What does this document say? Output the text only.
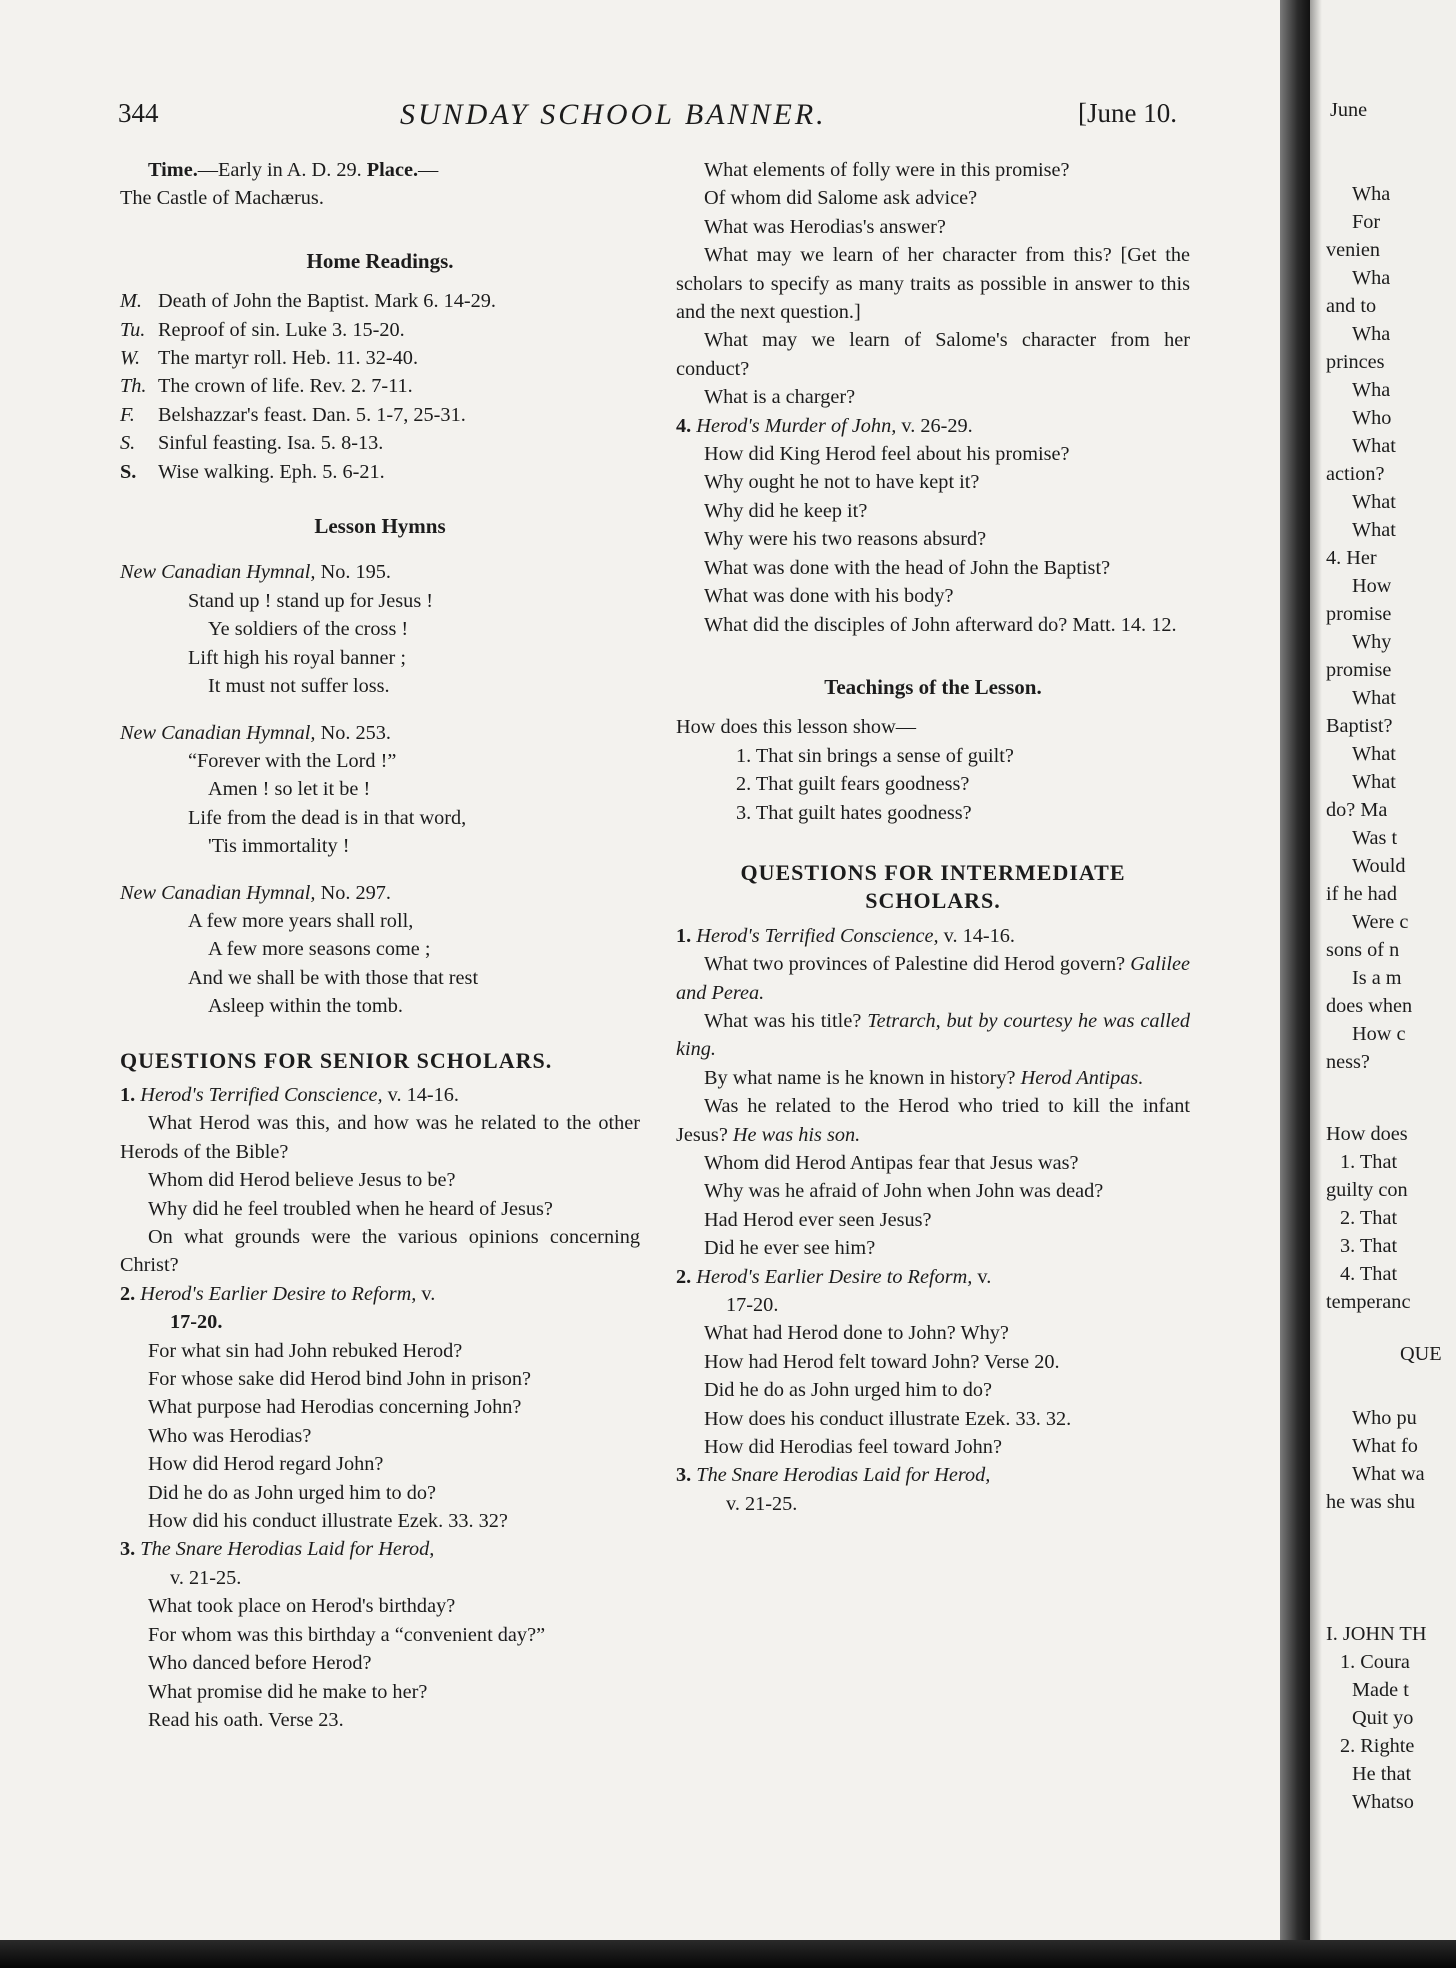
344	SUNDAY SCHOOL BANNER.	[June 10.

Time.—Early in A. D. 29. Place.—

The Castle of Machærus.

Home Readings.
M. Death of John the Baptist. Mark 6. 14-29.
Tu. Reproof of sin. Luke 3. 15-20.
W. The martyr roll. Heb. 11. 32-40.
Th. The crown of life. Rev. 2. 7-11.
F.	Belshazzar's feast. Dan. 5. 1-7, 25-31.
S.	Sinful feasting. Isa. 5. 8-13.
S.	Wise walking. Eph. 5. 6-21.
Lesson Hymns
New Canadian Hymnal, No. 195.
Stand up ! stand up for Jesus !
Ye soldiers of the cross !
Lift high his royal banner ;
It must not suffer loss.
New Canadian Hymnal, No. 253.
“Forever with the Lord !”
Amen ! so let it be !
Life from the dead is in that word,
'Tis immortality !
New Canadian Hymnal, No. 297.
A few more years shall roll,
A few more seasons come ;
And we shall be with those that rest
Asleep within the tomb.
QUESTIONS FOR SENIOR SCHOLARS.

1. Herod's Terrified Conscience, v. 14-16.

What Herod was this, and how was he related to the other Herods of the Bible?

Whom did Herod believe Jesus to be?

Why did he feel troubled when he heard of Jesus?

On what grounds were the various opinions concerning Christ?

2. Herod's Earlier Desire to Reform, v.

17-20.

For what sin had John rebuked Herod?

For whose sake did Herod bind John in prison?

What purpose had Herodias concerning John?

Who was Herodias?

How did Herod regard John?

Did he do as John urged him to do?

How did his conduct illustrate Ezek. 33. 32?

3. The Snare Herodias Laid for Herod,

v. 21-25.

What took place on Herod's birthday?

For whom was this birthday a “convenient day?”

Who danced before Herod?

What promise did he make to her?

Read his oath. Verse 23.

What elements of folly were in this promise?

Of whom did Salome ask advice?

What was Herodias's answer?

What may we learn of her character from this? [Get the scholars to specify as many traits as possible in answer to this and the next question.]

What may we learn of Salome's character from her conduct?

What is a charger?

4. Herod's Murder of John, v. 26-29.

How did King Herod feel about his promise?

Why ought he not to have kept it?

Why did he keep it?

Why were his two reasons absurd?

What was done with the head of John the Baptist?

What was done with his body?

What did the disciples of John afterward do? Matt. 14. 12.

Teachings of the Lesson.

How does this lesson show—

1. That sin brings a sense of guilt?
2. That guilt fears goodness?
3. That guilt hates goodness?
QUESTIONS FOR INTERMEDIATE
SCHOLARS.

1. Herod's Terrified Conscience, v. 14-16.

What two provinces of Palestine did Herod govern? Galilee and Perea.

What was his title? Tetrarch, but by courtesy he was called king.

By what name is he known in history? Herod Antipas.

Was he related to the Herod who tried to kill the infant Jesus? He was his son.

Whom did Herod Antipas fear that Jesus was?

Why was he afraid of John when John was dead?

Had Herod ever seen Jesus?

Did he ever see him?

2. Herod's Earlier Desire to Reform, v.

17-20.

What had Herod done to John? Why?

How had Herod felt toward John? Verse 20.

Did he do as John urged him to do?

How does his conduct illustrate Ezek. 33. 32.

How did Herodias feel toward John?

3. The Snare Herodias Laid for Herod,

v. 21-25.

June
Wha
For
venien
Wha
and to
Wha
princes
Wha
Who
What
action?
What
What
4. Her
How
promise
Why
promise
What
Baptist?
What
What
do? Ma
Was t
Would
if he had
Were c
sons of n
Is a m
does when
How c
ness?
How does
1. That
guilty con
2. That
3. That
4. That
temperanc
QUE
Who pu
What fo
What wa
he was shu
I. JOHN TH
1. Coura
Made t
Quit yo
2. Righte
He that
Whatso
